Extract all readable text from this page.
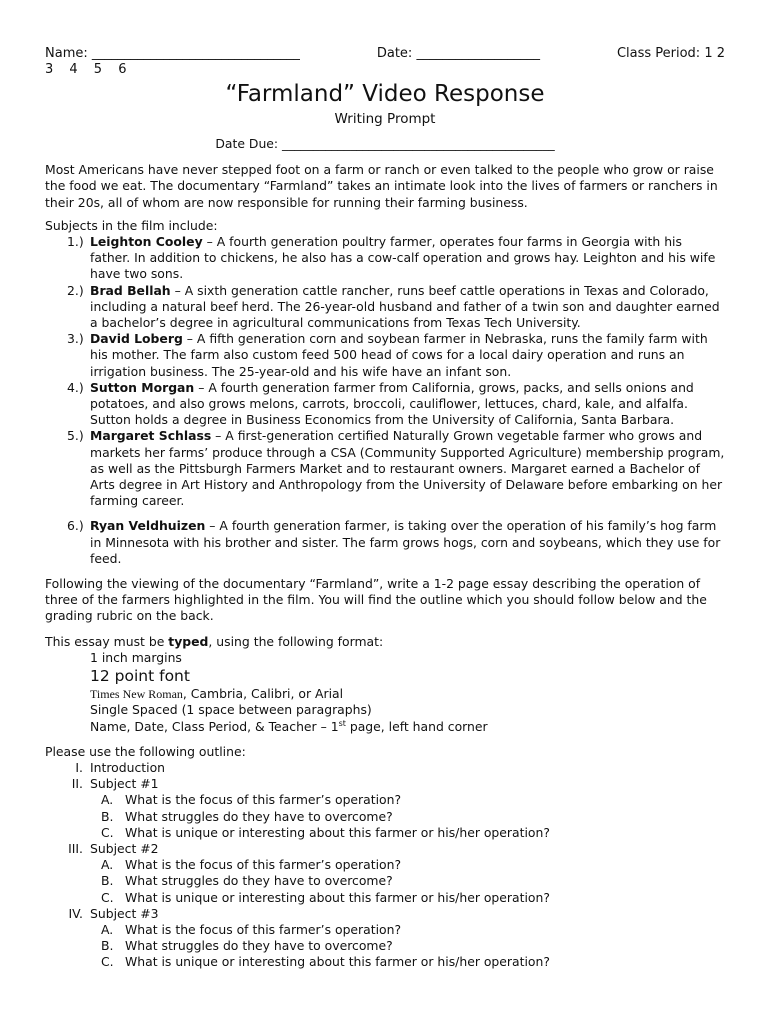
Name: ________________________________	Date: ___________________	Class Period: 1 2
3 4 5 6
“Farmland” Video Response
Writing Prompt
Date Due: ____________________________________________

Most Americans have never stepped foot on a farm or ranch or even talked to the people who grow or raise the food we eat. The documentary “Farmland” takes an intimate look into the lives of farmers or ranchers in their 20s, all of whom are now responsible for running their farming business.

Subjects in the film include:

1.) Leighton Cooley – A fourth generation poultry farmer, operates four farms in Georgia with his father. In addition to chickens, he also has a cow-calf operation and grows hay. Leighton and his wife have two sons.
2.) Brad Bellah – A sixth generation cattle rancher, runs beef cattle operations in Texas and Colorado, including a natural beef herd. The 26-year-old husband and father of a twin son and daughter earned a bachelor’s degree in agricultural communications from Texas Tech University.
3.) David Loberg – A fifth generation corn and soybean farmer in Nebraska, runs the family farm with his mother. The farm also custom feed 500 head of cows for a local dairy operation and runs an irrigation business. The 25-year-old and his wife have an infant son.
4.) Sutton Morgan – A fourth generation farmer from California, grows, packs, and sells onions and potatoes, and also grows melons, carrots, broccoli, cauliflower, lettuces, chard, kale, and alfalfa. Sutton holds a degree in Business Economics from the University of California, Santa Barbara.
5.) Margaret Schlass – A first-generation certified Naturally Grown vegetable farmer who grows and markets her farms’ produce through a CSA (Community Supported Agriculture) membership program, as well as the Pittsburgh Farmers Market and to restaurant owners. Margaret earned a Bachelor of Arts degree in Art History and Anthropology from the University of Delaware before embarking on her farming career.
6.) Ryan Veldhuizen – A fourth generation farmer, is taking over the operation of his family’s hog farm in Minnesota with his brother and sister. The farm grows hogs, corn and soybeans, which they use for feed.

Following the viewing of the documentary “Farmland”, write a 1-2 page essay describing the operation of three of the farmers highlighted in the film. You will find the outline which you should follow below and the grading rubric on the back.

This essay must be typed, using the following format:

1 inch margins
12 point font
Times New Roman, Cambria, Calibri, or Arial
Single Spaced (1 space between paragraphs)
Name, Date, Class Period, & Teacher – 1st page, left hand corner

Please use the following outline:

I. Introduction
II. Subject #1
A. What is the focus of this farmer’s operation?
B. What struggles do they have to overcome?
C. What is unique or interesting about this farmer or his/her operation?
III. Subject #2
A. What is the focus of this farmer’s operation?
B. What struggles do they have to overcome?
C. What is unique or interesting about this farmer or his/her operation?
IV. Subject #3
A. What is the focus of this farmer’s operation?
B. What struggles do they have to overcome?
C. What is unique or interesting about this farmer or his/her operation?
